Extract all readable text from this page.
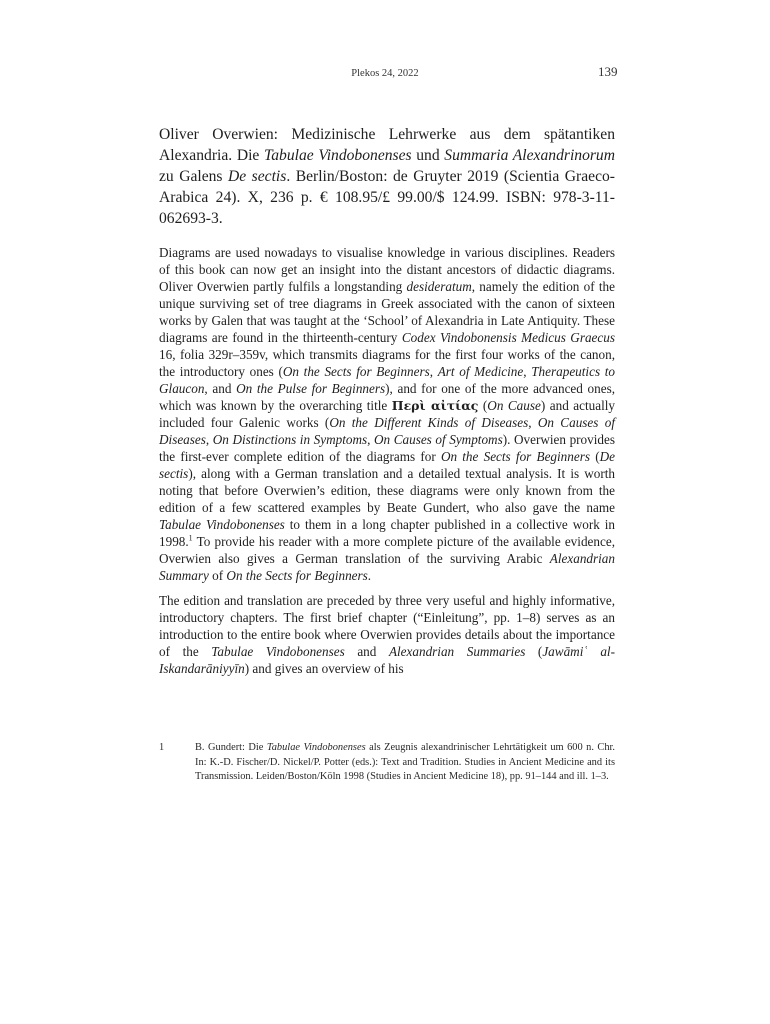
Plekos 24, 2022	139
Oliver Overwien: Medizinische Lehrwerke aus dem spätantiken Alexandria. Die Tabulae Vindobonenses und Summaria Alexandrinorum zu Galens De sectis. Berlin/Boston: de Gruyter 2019 (Scientia Graeco-Arabica 24). X, 236 p. € 108.95/£ 99.00/$ 124.99. ISBN: 978-3-11-062693-3.

Diagrams are used nowadays to visualise knowledge in various disciplines. Readers of this book can now get an insight into the distant ancestors of didactic diagrams. Oliver Overwien partly fulfils a longstanding desideratum, namely the edition of the unique surviving set of tree diagrams in Greek associated with the canon of sixteen works by Galen that was taught at the ‘School’ of Alexandria in Late Antiquity. These diagrams are found in the thirteenth-century Codex Vindobonensis Medicus Graecus 16, folia 329r–359v, which transmits diagrams for the first four works of the canon, the introductory ones (On the Sects for Beginners, Art of Medicine, Therapeutics to Glaucon, and On the Pulse for Beginners), and for one of the more advanced ones, which was known by the overarching title Περὶ αἰτίας (On Cause) and actually included four Galenic works (On the Different Kinds of Diseases, On Causes of Diseases, On Distinctions in Symptoms, On Causes of Symptoms). Overwien provides the first-ever complete edition of the diagrams for On the Sects for Beginners (De sectis), along with a German translation and a detailed textual analysis. It is worth noting that before Overwien’s edition, these diagrams were only known from the edition of a few scattered examples by Beate Gundert, who also gave the name Tabulae Vindobonenses to them in a long chapter published in a collective work in 1998.$^1$ To provide his reader with a more complete picture of the available evidence, Overwien also gives a German translation of the surviving Arabic Alexandrian Summary of On the Sects for Beginners.

The edition and translation are preceded by three very useful and highly informative, introductory chapters. The first brief chapter (“Einleitung”, pp. 1–8) serves as an introduction to the entire book where Overwien provides details about the importance of the Tabulae Vindobonenses and Alexandrian Summaries (Jawāmiʿ al-Iskandarāniyyīn) and gives an overview of his

1	B. Gundert: Die Tabulae Vindobonenses als Zeugnis alexandrinischer Lehrtätigkeit um 600 n. Chr. In: K.-D. Fischer/D. Nickel/P. Potter (eds.): Text and Tradition. Studies in Ancient Medicine and its Transmission. Leiden/Boston/Köln 1998 (Studies in Ancient Medicine 18), pp. 91–144 and ill. 1–3.
